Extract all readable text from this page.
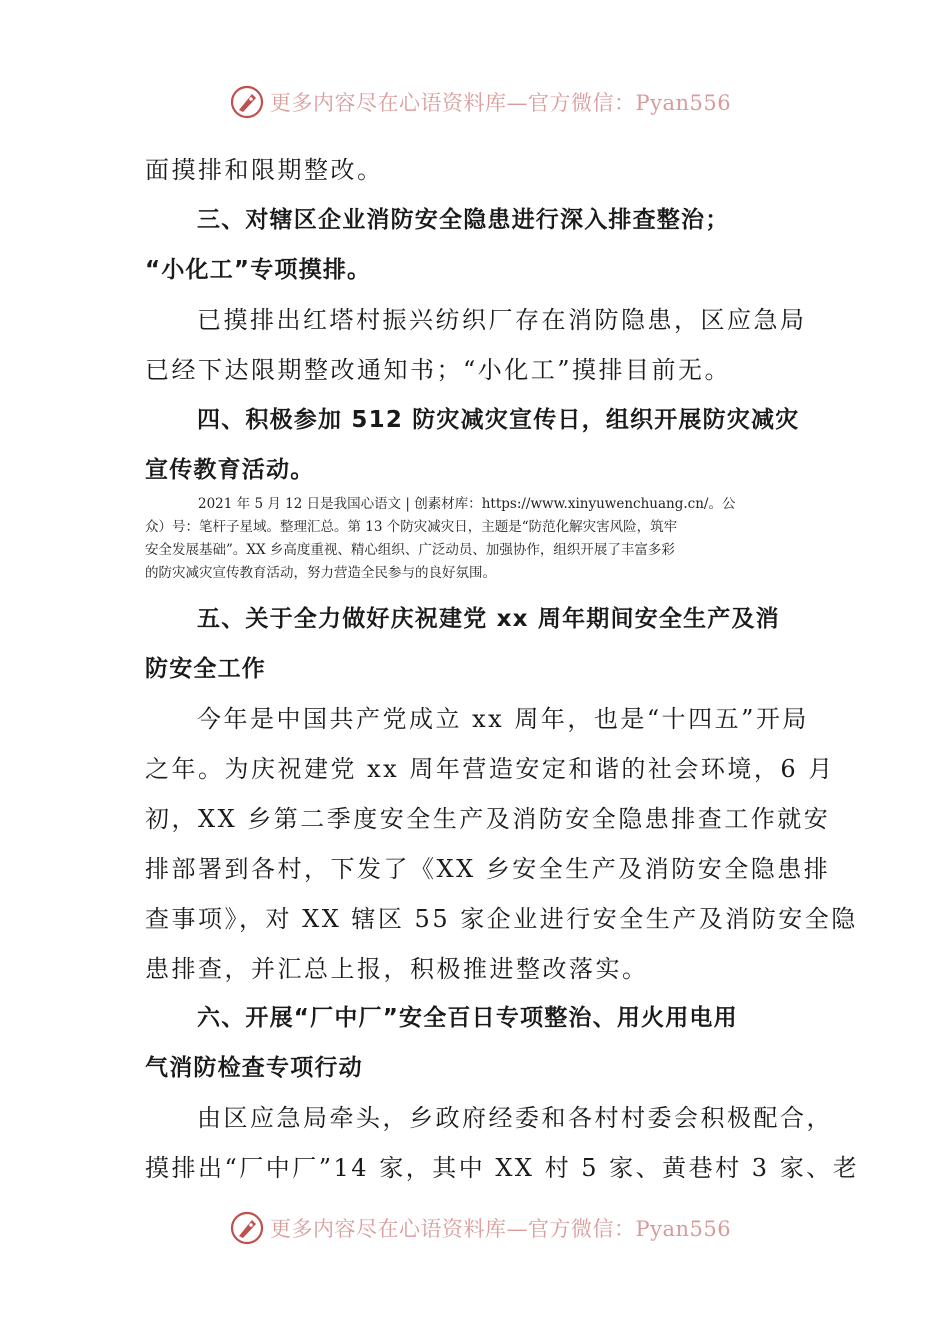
更多内容尽在心语资料库—官方微信：Pyan556
面摸排和限期整改。
三、对辖区企业消防安全隐患进行深入排查整治；
“小化工”专项摸排。
已摸排出红塔村振兴纺织厂存在消防隐患，区应急局
已经下达限期整改通知书；“小化工”摸排目前无。
四、积极参加 512 防灾减灾宣传日，组织开展防灾减灾
宣传教育活动。
2021 年 5 月 12 日是我国心语文 | 创素材库：https://www.xinyuwenchuang.cn/。公
众）号：笔杆子星域。整理汇总。第 13 个防灾减灾日，主题是“防范化解灾害风险，筑牢
安全发展基础”。XX 乡高度重视、精心组织、广泛动员、加强协作，组织开展了丰富多彩
的防灾减灾宣传教育活动，努力营造全民参与的良好氛围。
五、关于全力做好庆祝建党 xx 周年期间安全生产及消
防安全工作
今年是中国共产党成立 xx 周年，也是“十四五”开局
之年。为庆祝建党 xx 周年营造安定和谐的社会环境，6 月
初，XX 乡第二季度安全生产及消防安全隐患排查工作就安
排部署到各村，下发了《XX 乡安全生产及消防安全隐患排
查事项》，对 XX 辖区 55 家企业进行安全生产及消防安全隐
患排查，并汇总上报，积极推进整改落实。
六、开展“厂中厂”安全百日专项整治、用火用电用
气消防检查专项行动
由区应急局牵头，乡政府经委和各村村委会积极配合，
摸排出“厂中厂”14 家，其中 XX 村 5 家、黄巷村 3 家、老
更多内容尽在心语资料库—官方微信：Pyan556
